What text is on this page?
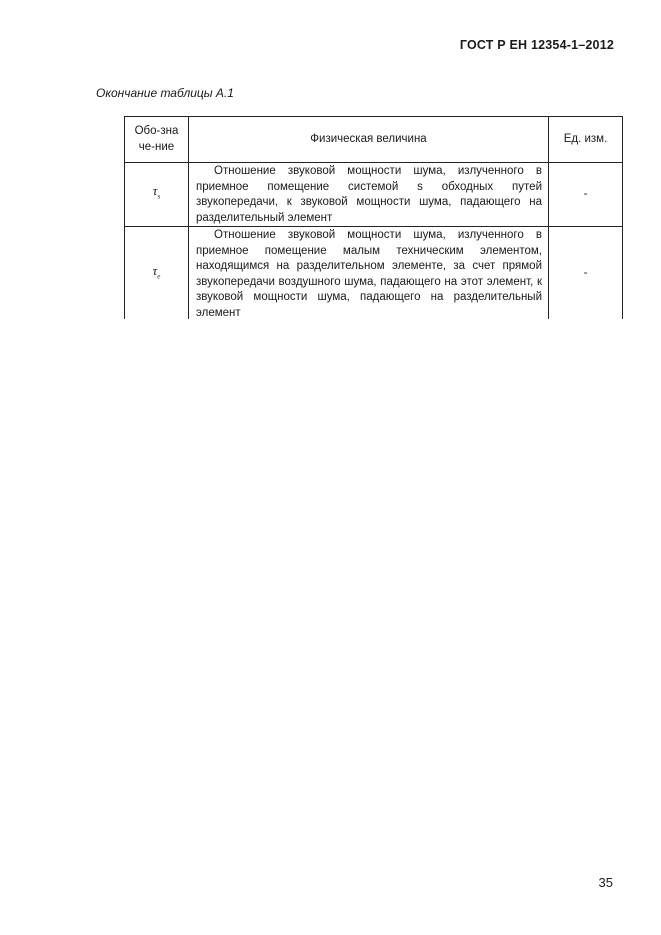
ГОСТ Р ЕН 12354-1–2012
Окончание таблицы А.1
Обо-значе-ние	Физическая величина	Ед. изм.
$\tau_s$	Отношение звуковой мощности шума, излученного в приемное помещение системой s обходных путей звукопередачи, к звуковой мощности шума, падающего на разделительный элемент	-
$\tau_e$	Отношение звуковой мощности шума, излученного в приемное помещение малым техническим элементом, находящимся на разделительном элементе, за счет прямой звукопередачи воздушного шума, падающего на этот элемент, к звуковой мощности шума, падающего на разделительный элемент	-
35
